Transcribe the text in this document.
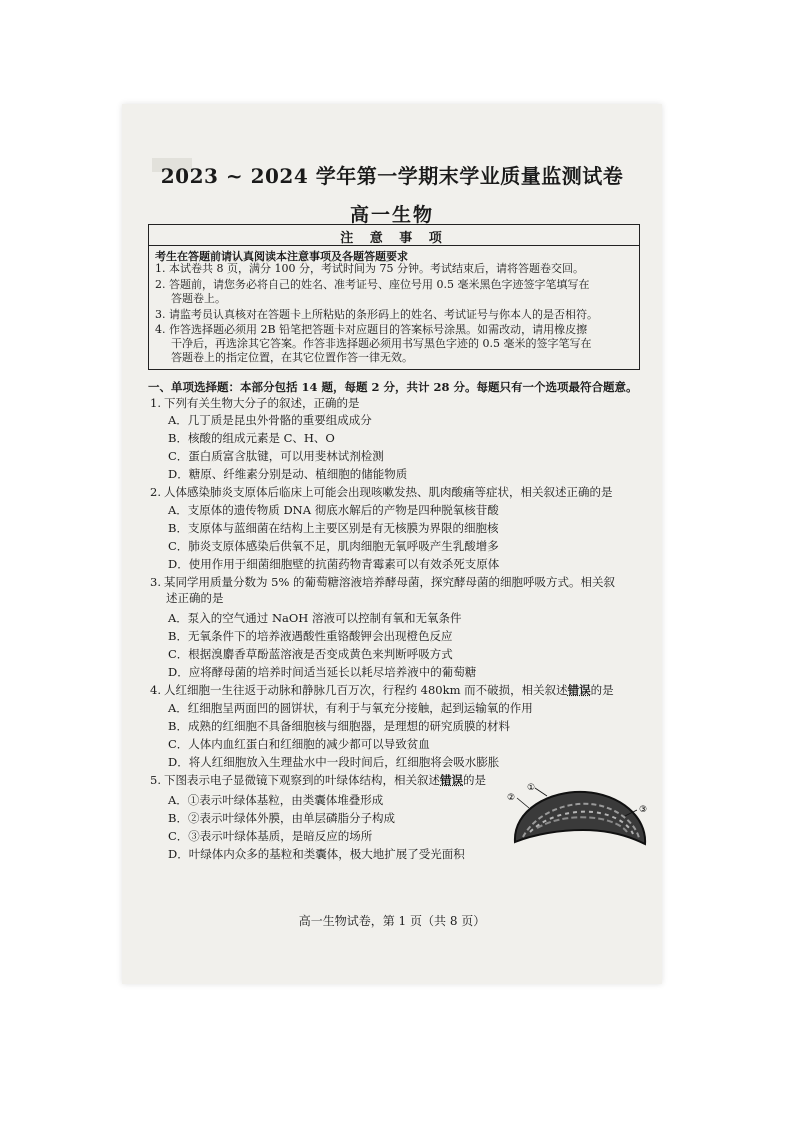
2023 ~ 2024 学年第一学期末学业质量监测试卷
高一生物
注 意 事 项
考生在答题前请认真阅读本注意事项及各题答题要求
1. 本试卷共 8 页，满分 100 分，考试时间为 75 分钟。考试结束后，请将答题卷交回。
2. 答题前，请您务必将自己的姓名、准考证号、座位号用 0.5 毫米黑色字迹签字笔填写在
答题卷上。
3. 请监考员认真核对在答题卡上所粘贴的条形码上的姓名、考试证号与你本人的是否相符。
4. 作答选择题必须用 2B 铅笔把答题卡对应题目的答案标号涂黑。如需改动，请用橡皮擦
干净后，再选涂其它答案。作答非选择题必须用书写黑色字迹的 0.5 毫米的签字笔写在
答题卷上的指定位置，在其它位置作答一律无效。
一、单项选择题：本部分包括 14 题，每题 2 分，共计 28 分。每题只有一个选项最符合题意。
1. 下列有关生物大分子的叙述，正确的是
A．几丁质是昆虫外骨骼的重要组成成分
B．核酸的组成元素是 C、H、O
C．蛋白质富含肽键，可以用斐林试剂检测
D．糖原、纤维素分别是动、植细胞的储能物质
2. 人体感染肺炎支原体后临床上可能会出现咳嗽发热、肌肉酸痛等症状，相关叙述正确的是
A．支原体的遗传物质 DNA 彻底水解后的产物是四种脱氧核苷酸
B．支原体与蓝细菌在结构上主要区别是有无核膜为界限的细胞核
C．肺炎支原体感染后供氧不足，肌肉细胞无氧呼吸产生乳酸增多
D．使用作用于细菌细胞壁的抗菌药物青霉素可以有效杀死支原体
3. 某同学用质量分数为 5% 的葡萄糖溶液培养酵母菌，探究酵母菌的细胞呼吸方式。相关叙
述正确的是
A．泵入的空气通过 NaOH 溶液可以控制有氧和无氧条件
B．无氧条件下的培养液遇酸性重铬酸钾会出现橙色反应
C．根据溴麝香草酚蓝溶液是否变成黄色来判断呼吸方式
D．应将酵母菌的培养时间适当延长以耗尽培养液中的葡萄糖
4. 人红细胞一生往返于动脉和静脉几百万次，行程约 480km 而不破损，相关叙述错误的是
A．红细胞呈两面凹的圆饼状，有利于与氧充分接触，起到运输氧的作用
B．成熟的红细胞不具备细胞核与细胞器，是理想的研究质膜的材料
C．人体内血红蛋白和红细胞的减少都可以导致贫血
D．将人红细胞放入生理盐水中一段时间后，红细胞将会吸水膨胀
5. 下图表示电子显微镜下观察到的叶绿体结构，相关叙述错误的是
A．①表示叶绿体基粒，由类囊体堆叠形成
B．②表示叶绿体外膜，由单层磷脂分子构成
C．③表示叶绿体基质，是暗反应的场所
D．叶绿体内众多的基粒和类囊体，极大地扩展了受光面积
①
②
③
高一生物试卷，第 1 页（共 8 页）
